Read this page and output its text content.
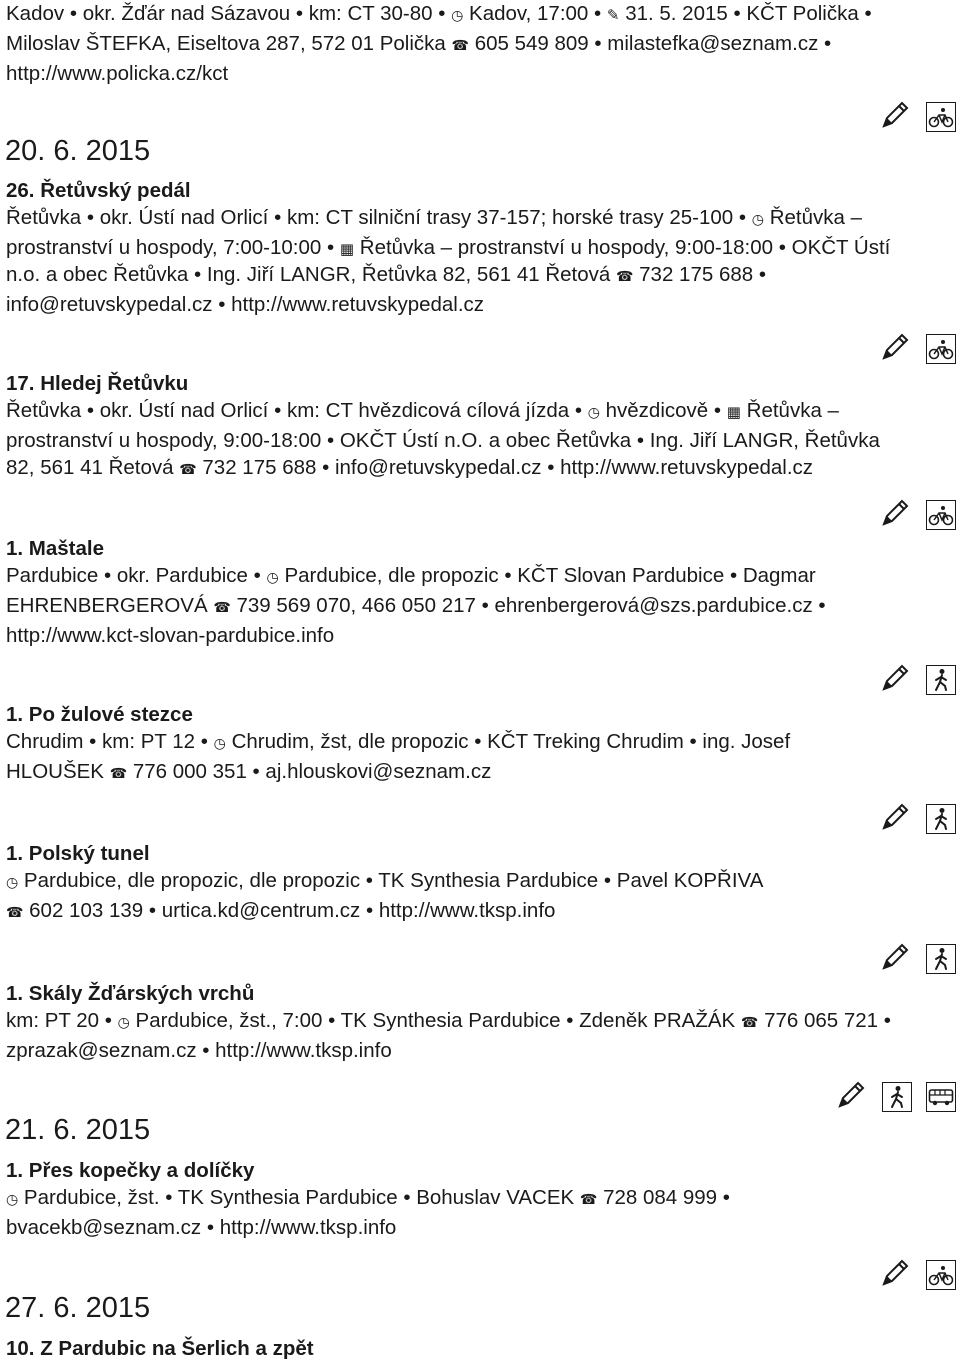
Kadov • okr. Žďár nad Sázavou • km: CT 30-80 • ◷ Kadov, 17:00 • ✎ 31. 5. 2015 • KČT Polička •
Miloslav ŠTEFKA, Eiseltova 287, 572 01 Polička ☎ 605 549 809 • milastefka@seznam.cz •
http://www.policka.cz/kct
20. 6. 2015
26. Řetůvský pedál
Řetůvka • okr. Ústí nad Orlicí • km: CT silniční trasy 37-157; horské trasy 25-100 • ◷ Řetůvka –
prostranství u hospody, 7:00-10:00 • ▦ Řetůvka – prostranství u hospody, 9:00-18:00 • OKČT Ústí
n.o. a obec Řetůvka • Ing. Jiří LANGR, Řetůvka 82, 561 41 Řetová ☎ 732 175 688 •
info@retuvskypedal.cz • http://www.retuvskypedal.cz
17. Hledej Řetůvku
Řetůvka • okr. Ústí nad Orlicí • km: CT hvězdicová cílová jízda • ◷ hvězdicově • ▦ Řetůvka –
prostranství u hospody, 9:00-18:00 • OKČT Ústí n.O. a obec Řetůvka • Ing. Jiří LANGR, Řetůvka
82, 561 41 Řetová ☎ 732 175 688 • info@retuvskypedal.cz • http://www.retuvskypedal.cz
1. Maštale
Pardubice • okr. Pardubice • ◷ Pardubice, dle propozic • KČT Slovan Pardubice • Dagmar
EHRENBERGEROVÁ ☎ 739 569 070, 466 050 217 • ehrenbergerová@szs.pardubice.cz •
http://www.kct-slovan-pardubice.info
1. Po žulové stezce
Chrudim • km: PT 12 • ◷ Chrudim, žst, dle propozic • KČT Treking Chrudim • ing. Josef
HLOUŠEK ☎ 776 000 351 • aj.hlouskovi@seznam.cz
1. Polský tunel
◷ Pardubice, dle propozic, dle propozic • TK Synthesia Pardubice • Pavel KOPŘIVA
☎ 602 103 139 • urtica.kd@centrum.cz • http://www.tksp.info
1. Skály Žďárských vrchů
km: PT 20 • ◷ Pardubice, žst., 7:00 • TK Synthesia Pardubice • Zdeněk PRAŽÁK ☎ 776 065 721 •
zprazak@seznam.cz • http://www.tksp.info
21. 6. 2015
1. Přes kopečky a dolíčky
◷ Pardubice, žst. • TK Synthesia Pardubice • Bohuslav VACEK ☎ 728 084 999 •
bvacekb@seznam.cz • http://www.tksp.info
27. 6. 2015
10. Z Pardubic na Šerlich a zpět
